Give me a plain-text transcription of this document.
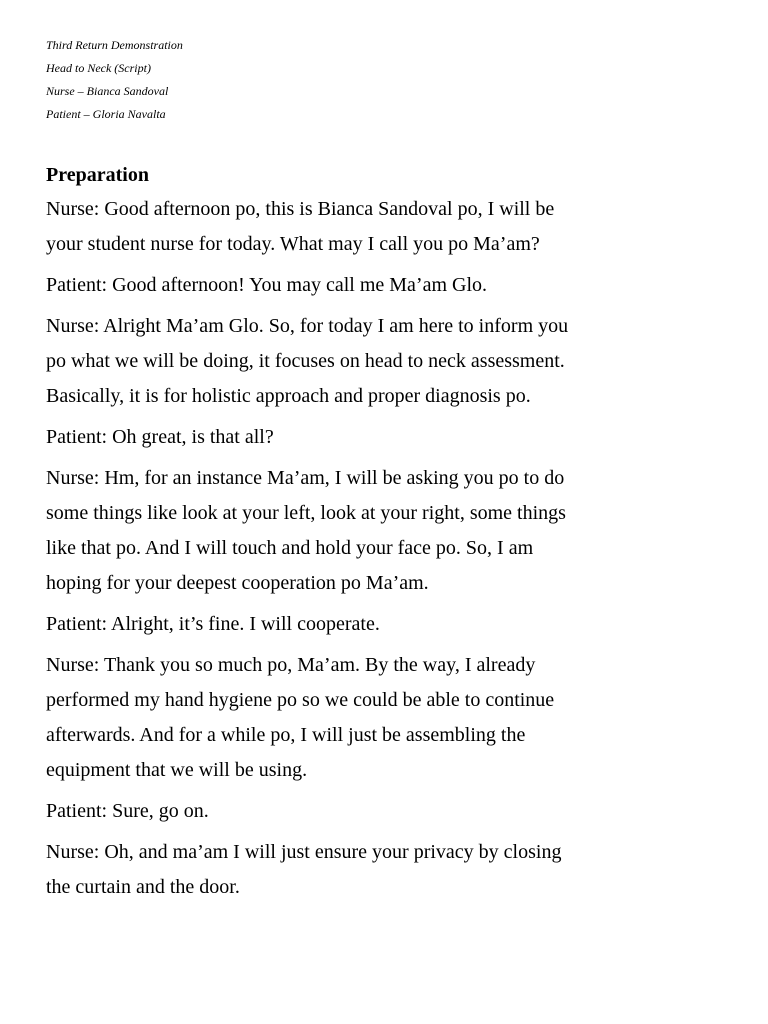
Third Return Demonstration
Head to Neck (Script)
Nurse – Bianca Sandoval
Patient – Gloria Navalta
Preparation

Nurse: Good afternoon po, this is Bianca Sandoval po, I will be
your student nurse for today. What may I call you po Ma’am?

Patient: Good afternoon! You may call me Ma’am Glo.

Nurse: Alright Ma’am Glo. So, for today I am here to inform you
po what we will be doing, it focuses on head to neck assessment.
Basically, it is for holistic approach and proper diagnosis po.

Patient: Oh great, is that all?

Nurse: Hm, for an instance Ma’am, I will be asking you po to do
some things like look at your left, look at your right, some things
like that po. And I will touch and hold your face po. So, I am
hoping for your deepest cooperation po Ma’am.

Patient: Alright, it’s fine. I will cooperate.

Nurse: Thank you so much po, Ma’am. By the way, I already
performed my hand hygiene po so we could be able to continue
afterwards. And for a while po, I will just be assembling the
equipment that we will be using.

Patient: Sure, go on.

Nurse: Oh, and ma’am I will just ensure your privacy by closing
the curtain and the door.
